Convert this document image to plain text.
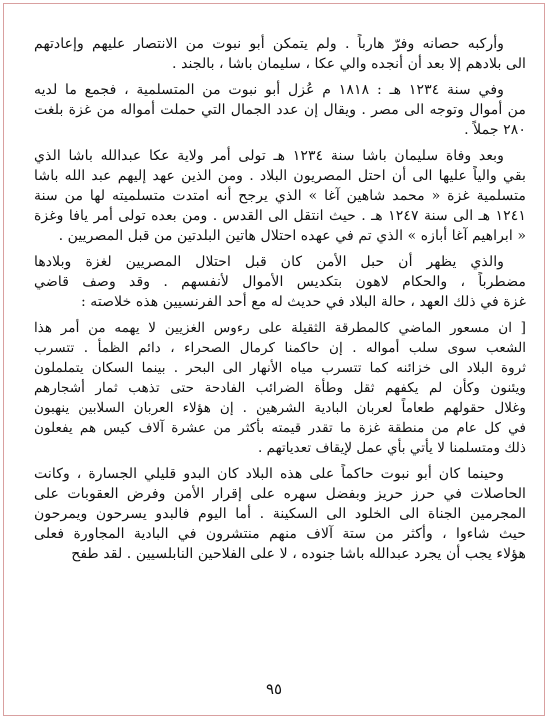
وأركبه حصانه وفرّ هارباً . ولم يتمكن أبو نبوت من الانتصار عليهم وإعادتهم
الى بلادهم إلا بعد أن أنجده والي عكا ، سليمان باشا ، بالجند .
وفي سنة ١٢٣٤ هـ : ١٨١٨ م عُزل أبو نبوت من المتسلمية ، فجمع ما لديه
من أموال وتوجه الى مصر . ويقال إن عدد الجمال التي حملت أمواله من غزة بلغت
٢٨٠ جملاً .
وبعد وفاة سليمان باشا سنة ١٢٣٤ هـ تولى أمر ولاية عكا عبدالله باشا الذي
بقي والياً عليها الى أن احتل المصريون البلاد . ومن الذين عهد إليهم عبد الله باشا
متسلمية غزة « محمد شاهين آغا » الذي يرجح أنه امتدت متسلميته لها من سنة
١٢٤١ هـ الى سنة ١٢٤٧ هـ . حيث انتقل الى القدس . ومن بعده تولى أمر يافا وغزة
« ابراهيم آغا أبازه » الذي تم في عهده احتلال هاتين البلدتين من قبل المصريين .
والذي يظهر أن حبل الأمن كان قبل احتلال المصريين لغزة وبلادها
مضطرباً ، والحكام لاهون بتكديس الأموال لأنفسهم . وقد وصف قاضي
غزة في ذلك العهد ، حالة البلاد في حديث له مع أحد الفرنسيين هذه خلاصته :
[ ان مسعور الماضي كالمطرقة الثقيلة على رءوس الغزيين لا يهمه من أمر هذا
الشعب سوى سلب أمواله . إن حاكمنا كرمال الصحراء ، دائم الظمأ . تتسرب
ثروة البلاد الى خزائنه كما تتسرب مياه الأنهار الى البحر . بينما السكان يتململون
ويئنون وكأن لم يكفهم ثقل وطأة الضرائب الفادحة حتى تذهب ثمار أشجارهم
وغلال حقولهم طعاماً لعربان البادية الشرهين . إن هؤلاء العربان السلابين ينهبون
في كل عام من منطقة غزة ما تقدر قيمته بأكثر من عشرة آلاف كيس هم يفعلون
ذلك ومتسلمنا لا يأتي بأي عمل لإيقاف تعدياتهم .
وحينما كان أبو نبوت حاكماً على هذه البلاد كان البدو قليلي الجسارة ، وكانت
الحاصلات في حرز حريز وبفضل سهره على إقرار الأمن وفرض العقوبات على
المجرمين الجناة الى الخلود الى السكينة . أما اليوم فالبدو يسرحون ويمرحون
حيث شاءوا ، وأكثر من ستة آلاف منهم منتشرون في البادية المجاورة فعلى
هؤلاء يجب أن يجرد عبدالله باشا جنوده ، لا على الفلاحين النابلسيين . لقد طفح
٩٥
